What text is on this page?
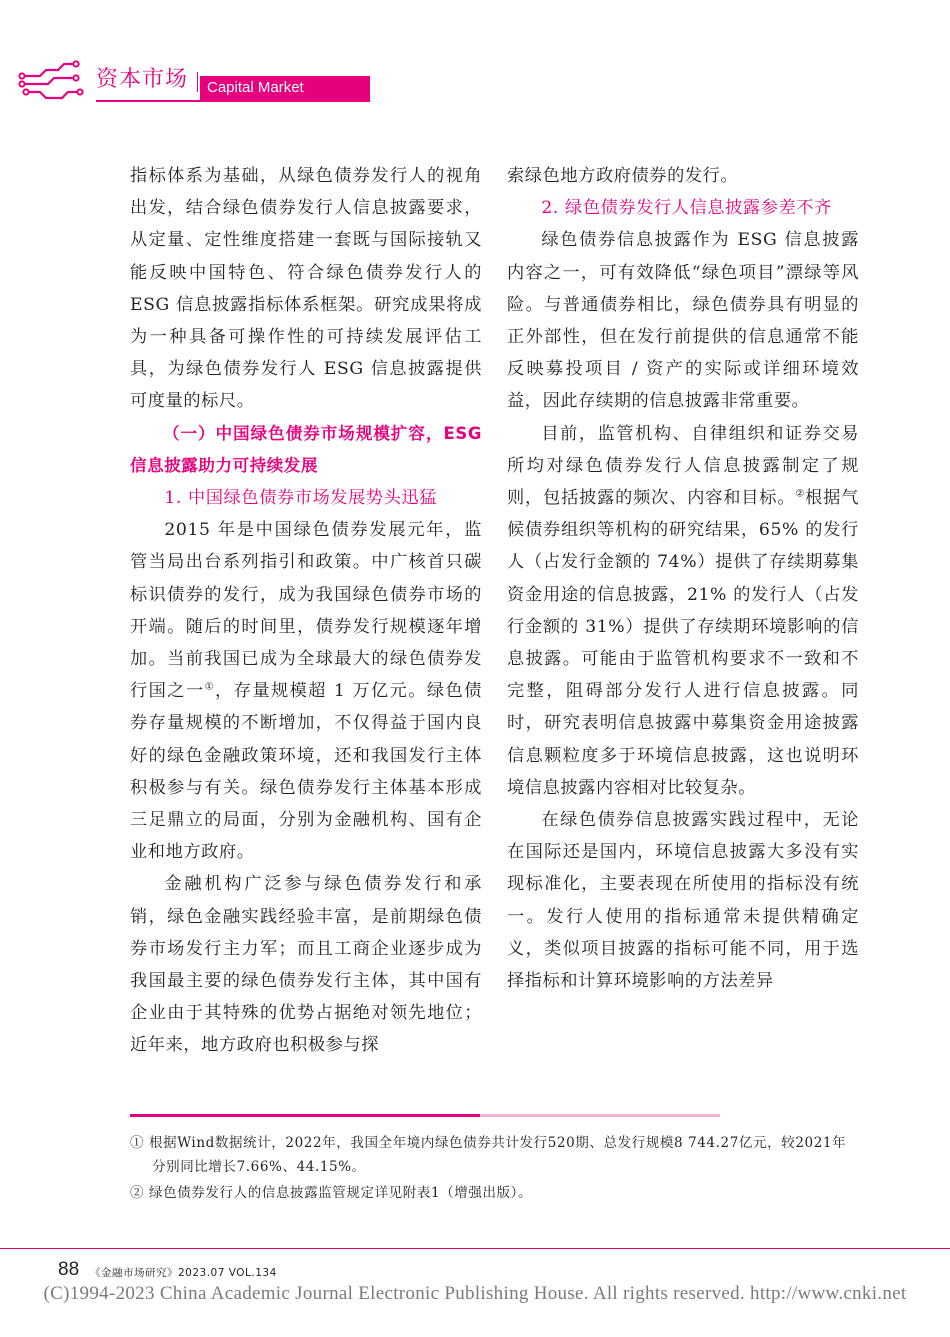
资本市场 Capital Market

指标体系为基础，从绿色债券发行人的视角出发，结合绿色债券发行人信息披露要求，从定量、定性维度搭建一套既与国际接轨又能反映中国特色、符合绿色债券发行人的 ESG 信息披露指标体系框架。研究成果将成为一种具备可操作性的可持续发展评估工具，为绿色债券发行人 ESG 信息披露提供可度量的标尺。

（一）中国绿色债券市场规模扩容，ESG 信息披露助力可持续发展

1. 中国绿色债券市场发展势头迅猛

2015 年是中国绿色债券发展元年，监管当局出台系列指引和政策。中广核首只碳标识债券的发行，成为我国绿色债券市场的开端。随后的时间里，债券发行规模逐年增加。当前我国已成为全球最大的绿色债券发行国之一①，存量规模超 1 万亿元。绿色债券存量规模的不断增加，不仅得益于国内良好的绿色金融政策环境，还和我国发行主体积极参与有关。绿色债券发行主体基本形成三足鼎立的局面，分别为金融机构、国有企业和地方政府。

金融机构广泛参与绿色债券发行和承销，绿色金融实践经验丰富，是前期绿色债券市场发行主力军；而且工商企业逐步成为我国最主要的绿色债券发行主体，其中国有企业由于其特殊的优势占据绝对领先地位；近年来，地方政府也积极参与探

索绿色地方政府债券的发行。

2. 绿色债券发行人信息披露参差不齐

绿色债券信息披露作为 ESG 信息披露内容之一，可有效降低“绿色项目”漂绿等风险。与普通债券相比，绿色债券具有明显的正外部性，但在发行前提供的信息通常不能反映募投项目 / 资产的实际或详细环境效益，因此存续期的信息披露非常重要。

目前，监管机构、自律组织和证券交易所均对绿色债券发行人信息披露制定了规则，包括披露的频次、内容和目标。②根据气候债券组织等机构的研究结果，65% 的发行人（占发行金额的 74%）提供了存续期募集资金用途的信息披露，21% 的发行人（占发行金额的 31%）提供了存续期环境影响的信息披露。可能由于监管机构要求不一致和不完整，阻碍部分发行人进行信息披露。同时，研究表明信息披露中募集资金用途披露信息颗粒度多于环境信息披露，这也说明环境信息披露内容相对比较复杂。

在绿色债券信息披露实践过程中，无论在国际还是国内，环境信息披露大多没有实现标准化，主要表现在所使用的指标没有统一。发行人使用的指标通常未提供精确定义，类似项目披露的指标可能不同，用于选择指标和计算环境影响的方法差异

① 根据Wind数据统计，2022年，我国全年境内绿色债券共计发行520期、总发行规模8 744.27亿元，较2021年分别同比增长7.66%、44.15%。
② 绿色债券发行人的信息披露监管规定详见附表1（增强出版）。
88 《金融市场研究》2023.07 VOL.134
(C)1994-2023 China Academic Journal Electronic Publishing House. All rights reserved. http://www.cnki.net
